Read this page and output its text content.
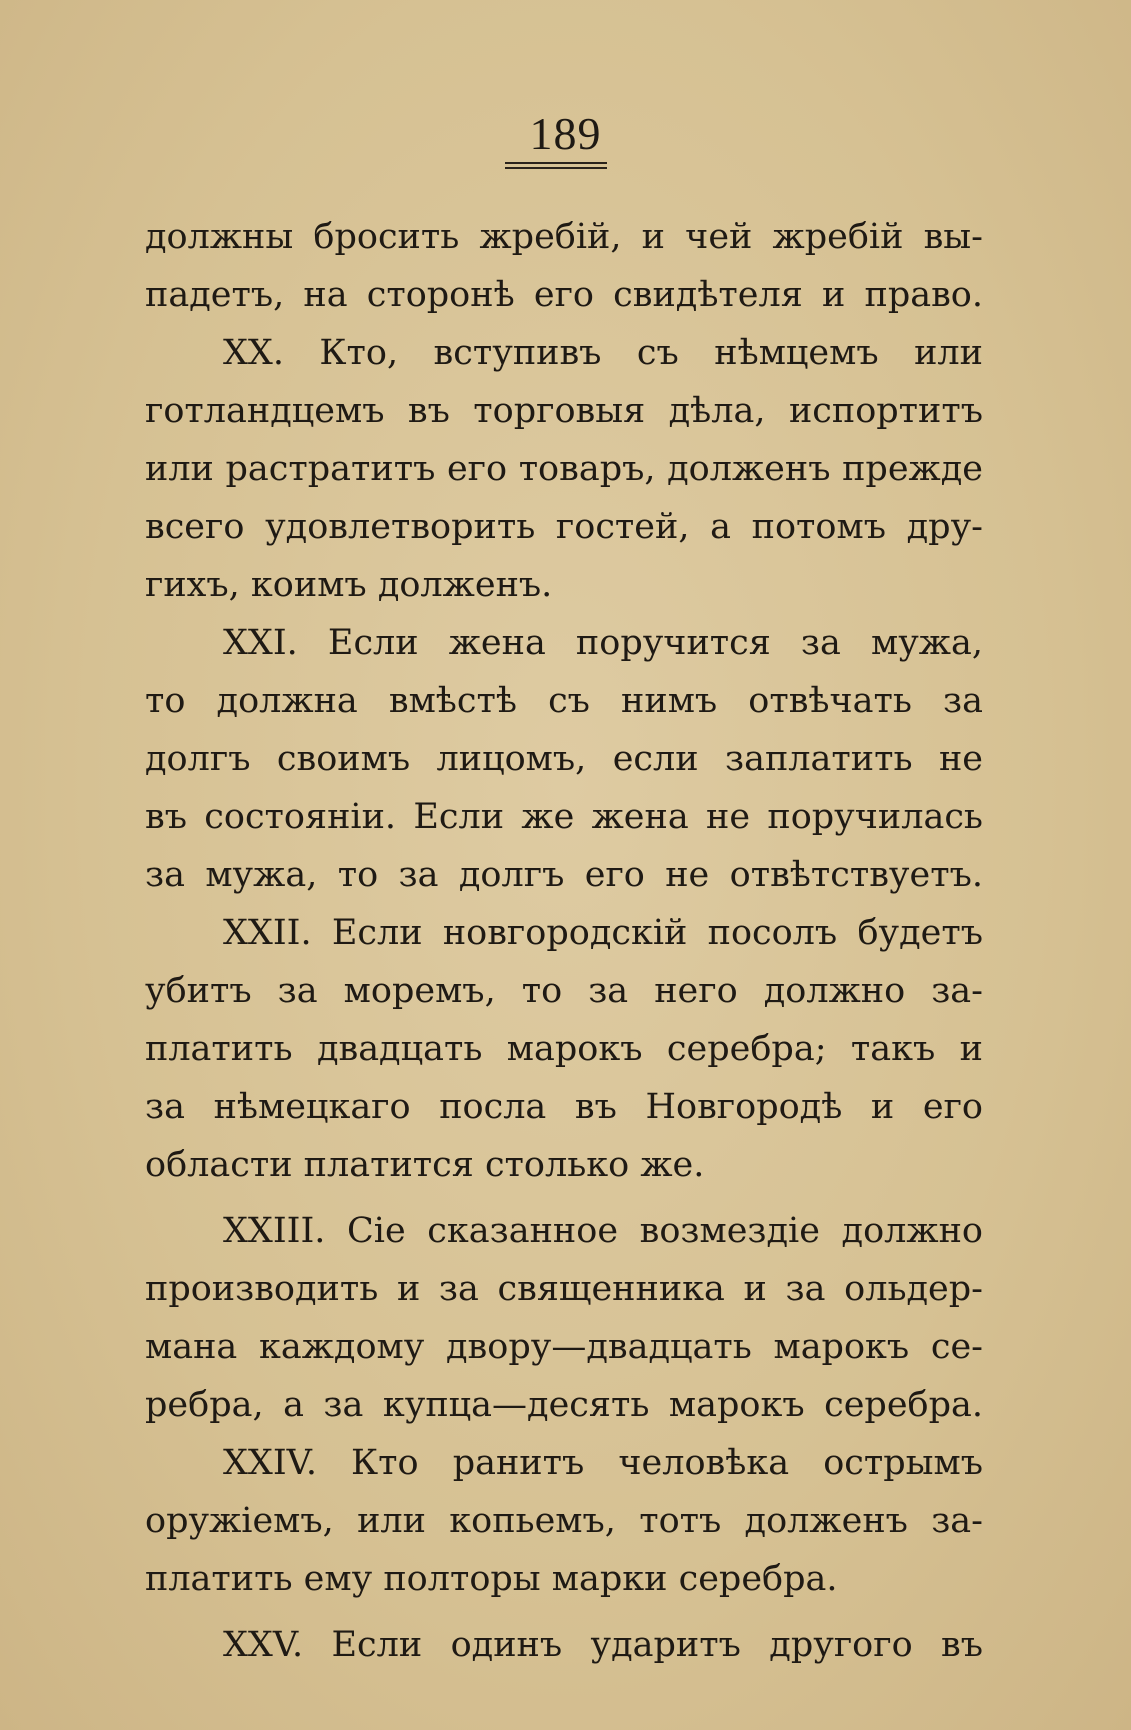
189
должны бросить жребій, и чей жребій вы-
падетъ, на сторонѣ его свидѣтеля и право.
XX. Кто, вступивъ съ нѣмцемъ или
готландцемъ въ торговыя дѣла, испортитъ
или растратитъ его товаръ, долженъ прежде
всего удовлетворить гостей, а потомъ дру-
гихъ, коимъ долженъ.
XXI. Если жена поручится за мужа,
то должна вмѣстѣ съ нимъ отвѣчать за
долгъ своимъ лицомъ, если заплатить не
въ состояніи. Если же жена не поручилась
за мужа, то за долгъ его не отвѣтствуетъ.
XXII. Если новгородскій посолъ будетъ
убитъ за моремъ, то за него должно за-
платить двадцать марокъ серебра; такъ и
за нѣмецкаго посла въ Новгородѣ и его
области платится столько же.
XXIII. Сіе сказанное возмездіе должно
производить и за священника и за ольдер-
мана каждому двору—двадцать марокъ се-
ребра, а за купца—десять марокъ серебра.
XXIV. Кто ранитъ человѣка острымъ
оружіемъ, или копьемъ, тотъ долженъ за-
платить ему полторы марки серебра.
XXV. Если одинъ ударитъ другого въ
